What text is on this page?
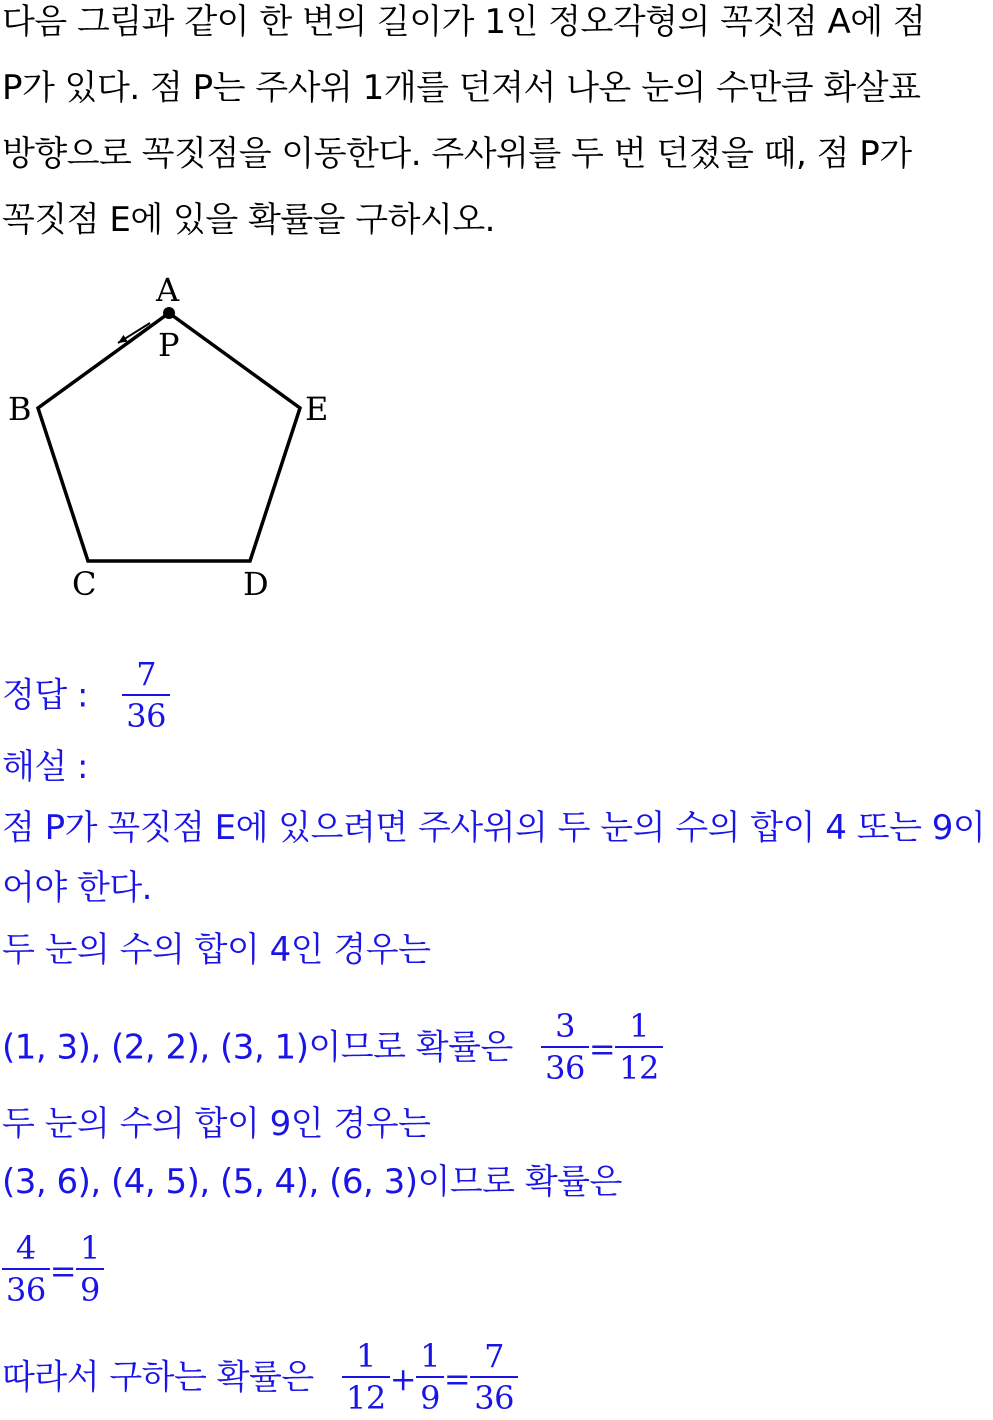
다음 그림과 같이 한 변의 길이가 1인 정오각형의 꼭짓점 A에 점
P가 있다. 점 P는 주사위 1개를 던져서 나온 눈의 수만큼 화살표
방향으로 꼭짓점을 이동한다. 주사위를 두 번 던졌을 때, 점 P가
꼭짓점 E에 있을 확률을 구하시오.
A
P
B	E
C	D
정답 : $\frac{7}{36}$
해설 :
점 P가 꼭짓점 E에 있으려면 주사위의 두 눈의 수의 합이 4 또는 9이
어야 한다.
두 눈의 수의 합이 4인 경우는
(1, 3), (2, 2), (3, 1)이므로 확률은 $\frac{3}{36} = \frac{1}{12}$
두 눈의 수의 합이 9인 경우는
(3, 6), (4, 5), (5, 4), (6, 3)이므로 확률은
$\frac{4}{36} = \frac{1}{9}$
따라서 구하는 확률은 $\frac{1}{12} + \frac{1}{9} = \frac{7}{36}$
